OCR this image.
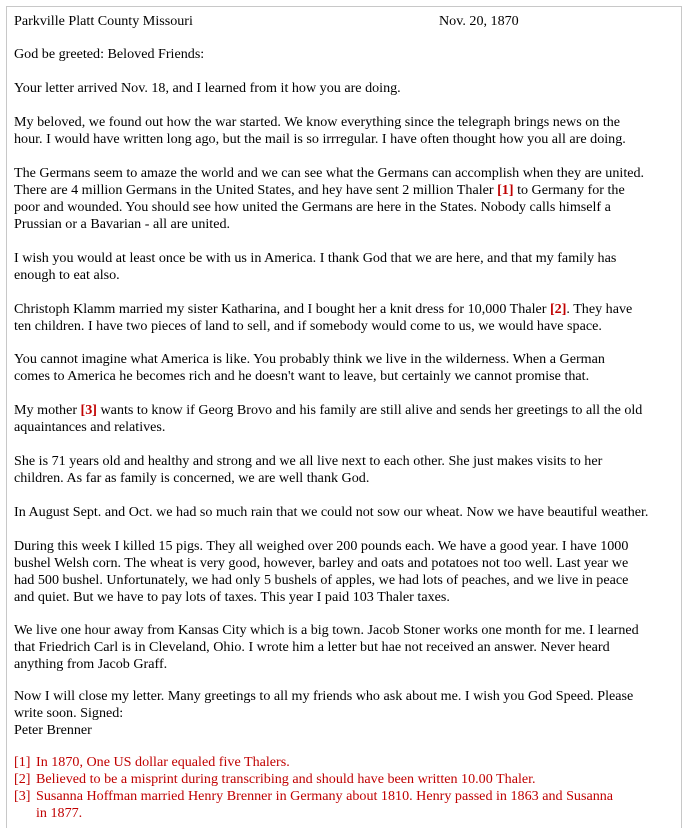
Parkville Platt County Missouri	Nov. 20, 1870

God be greeted: Beloved Friends:

Your letter arrived Nov. 18, and I learned from it how you are doing.

My beloved, we found out how the war started. We know everything since the telegraph brings news on the
hour. I would have written long ago, but the mail is so irrregular. I have often thought how you all are doing.

The Germans seem to amaze the world and we can see what the Germans can accomplish when they are united.
There are 4 million Germans in the United States, and hey have sent 2 million Thaler [1] to Germany for the
poor and wounded. You should see how united the Germans are here in the States. Nobody calls himself a
Prussian or a Bavarian - all are united.

I wish you would at least once be with us in America. I thank God that we are here, and that my family has
enough to eat also.

Christoph Klamm married my sister Katharina, and I bought her a knit dress for 10,000 Thaler [2]. They have
ten children. I have two pieces of land to sell, and if somebody would come to us, we would have space.

You cannot imagine what America is like. You probably think we live in the wilderness. When a German
comes to America he becomes rich and he doesn't want to leave, but certainly we cannot promise that.

My mother [3] wants to know if Georg Brovo and his family are still alive and sends her greetings to all the old
aquaintances and relatives.

She is 71 years old and healthy and strong and we all live next to each other. She just makes visits to her
children. As far as family is concerned, we are well thank God.

In August Sept. and Oct. we had so much rain that we could not sow our wheat. Now we have beautiful weather.

During this week I killed 15 pigs. They all weighed over 200 pounds each. We have a good year. I have 1000
bushel Welsh corn. The wheat is very good, however, barley and oats and potatoes not too well. Last year we
had 500 bushel. Unfortunately, we had only 5 bushels of apples, we had lots of peaches, and we live in peace
and quiet. But we have to pay lots of taxes. This year I paid 103 Thaler taxes.

We live one hour away from Kansas City which is a big town. Jacob Stoner works one month for me. I learned
that Friedrich Carl is in Cleveland, Ohio. I wrote him a letter but hae not received an answer. Never heard
anything from Jacob Graff.

Now I will close my letter. Many greetings to all my friends who ask about me. I wish you God Speed. Please
write soon. Signed:
Peter Brenner

[1] In 1870, One US dollar equaled five Thalers.
[2] Believed to be a misprint during transcribing and should have been written 10.00 Thaler.
[3] Susanna Hoffman married Henry Brenner in Germany about 1810. Henry passed in 1863 and Susanna
in 1877.
